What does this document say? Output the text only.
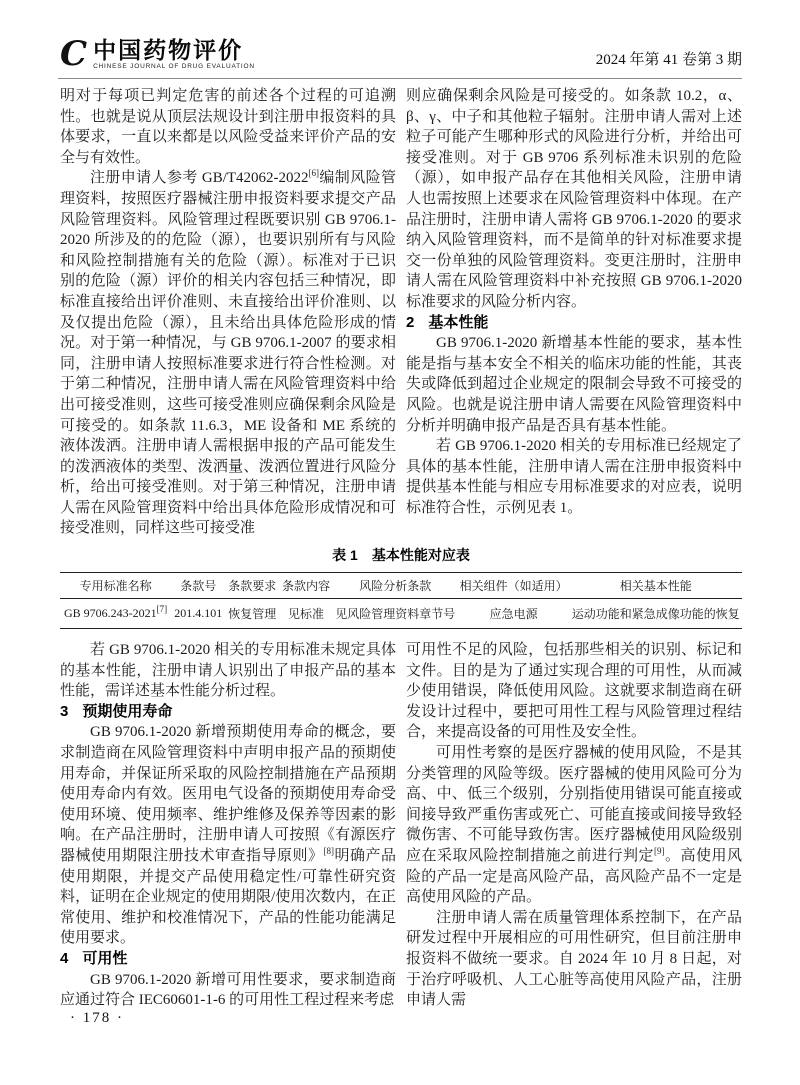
C 中国药物评价
CHINESE JOURNAL OF DRUG EVALUATION	2024 年第 41 卷第 3 期

明对于每项已判定危害的前述各个过程的可追溯性。也就是说从顶层法规设计到注册申报资料的具体要求，一直以来都是以风险受益来评价产品的安全与有效性。

注册申请人参考 GB/T42062-2022[6]编制风险管理资料，按照医疗器械注册申报资料要求提交产品风险管理资料。风险管理过程既要识别 GB 9706.1-2020 所涉及的的危险（源），也要识别所有与风险和风险控制措施有关的危险（源）。标准对于已识别的危险（源）评价的相关内容包括三种情况，即标准直接给出评价准则、未直接给出评价准则、以及仅提出危险（源），且未给出具体危险形成的情况。对于第一种情况，与 GB 9706.1-2007 的要求相同，注册申请人按照标准要求进行符合性检测。对于第二种情况，注册申请人需在风险管理资料中给出可接受准则，这些可接受准则应确保剩余风险是可接受的。如条款 11.6.3，ME 设备和 ME 系统的液体泼洒。注册申请人需根据申报的产品可能发生的泼洒液体的类型、泼洒量、泼洒位置进行风险分析，给出可接受准则。对于第三种情况，注册申请人需在风险管理资料中给出具体危险形成情况和可接受准则，同样这些可接受准

则应确保剩余风险是可接受的。如条款 10.2，α、β、γ、中子和其他粒子辐射。注册申请人需对上述粒子可能产生哪种形式的风险进行分析，并给出可接受准则。对于 GB 9706 系列标准未识别的危险（源），如申报产品存在其他相关风险，注册申请人也需按照上述要求在风险管理资料中体现。在产品注册时，注册申请人需将 GB 9706.1-2020 的要求纳入风险管理资料，而不是简单的针对标准要求提交一份单独的风险管理资料。变更注册时，注册申请人需在风险管理资料中补充按照 GB 9706.1-2020 标准要求的风险分析内容。

2 基本性能

GB 9706.1-2020 新增基本性能的要求，基本性能是指与基本安全不相关的临床功能的性能，其丧失或降低到超过企业规定的限制会导致不可接受的风险。也就是说注册申请人需要在风险管理资料中分析并明确申报产品是否具有基本性能。

若 GB 9706.1-2020 相关的专用标准已经规定了具体的基本性能，注册申请人需在注册申报资料中提供基本性能与相应专用标准要求的对应表，说明标准符合性，示例见表 1。

表 1 基本性能对应表
专用标准名称	条款号	条款要求	条款内容	风险分析条款	相关组件（如适用）	相关基本性能
GB 9706.243-2021[7]	201.4.101	恢复管理	见标准	见风险管理资料章节号	应急电源	运动功能和紧急成像功能的恢复

若 GB 9706.1-2020 相关的专用标准未规定具体的基本性能，注册申请人识别出了申报产品的基本性能，需详述基本性能分析过程。

3 预期使用寿命

GB 9706.1-2020 新增预期使用寿命的概念，要求制造商在风险管理资料中声明申报产品的预期使用寿命，并保证所采取的风险控制措施在产品预期使用寿命内有效。医用电气设备的预期使用寿命受使用环境、使用频率、维护维修及保养等因素的影响。在产品注册时，注册申请人可按照《有源医疗器械使用期限注册技术审查指导原则》[8]明确产品使用期限，并提交产品使用稳定性/可靠性研究资料，证明在企业规定的使用期限/使用次数内，在正常使用、维护和校准情况下，产品的性能功能满足使用要求。

4 可用性

GB 9706.1-2020 新增可用性要求，要求制造商应通过符合 IEC60601-1-6 的可用性工程过程来考虑

可用性不足的风险，包括那些相关的识别、标记和文件。目的是为了通过实现合理的可用性，从而减少使用错误，降低使用风险。这就要求制造商在研发设计过程中，要把可用性工程与风险管理过程结合，来提高设备的可用性及安全性。

可用性考察的是医疗器械的使用风险，不是其分类管理的风险等级。医疗器械的使用风险可分为高、中、低三个级别，分别指使用错误可能直接或间接导致严重伤害或死亡、可能直接或间接导致轻微伤害、不可能导致伤害。医疗器械使用风险级别应在采取风险控制措施之前进行判定[9]。高使用风险的产品一定是高风险产品，高风险产品不一定是高使用风险的产品。

注册申请人需在质量管理体系控制下，在产品研发过程中开展相应的可用性研究，但目前注册申报资料不做统一要求。自 2024 年 10 月 8 日起，对于治疗呼吸机、人工心脏等高使用风险产品，注册申请人需

· 178 ·
